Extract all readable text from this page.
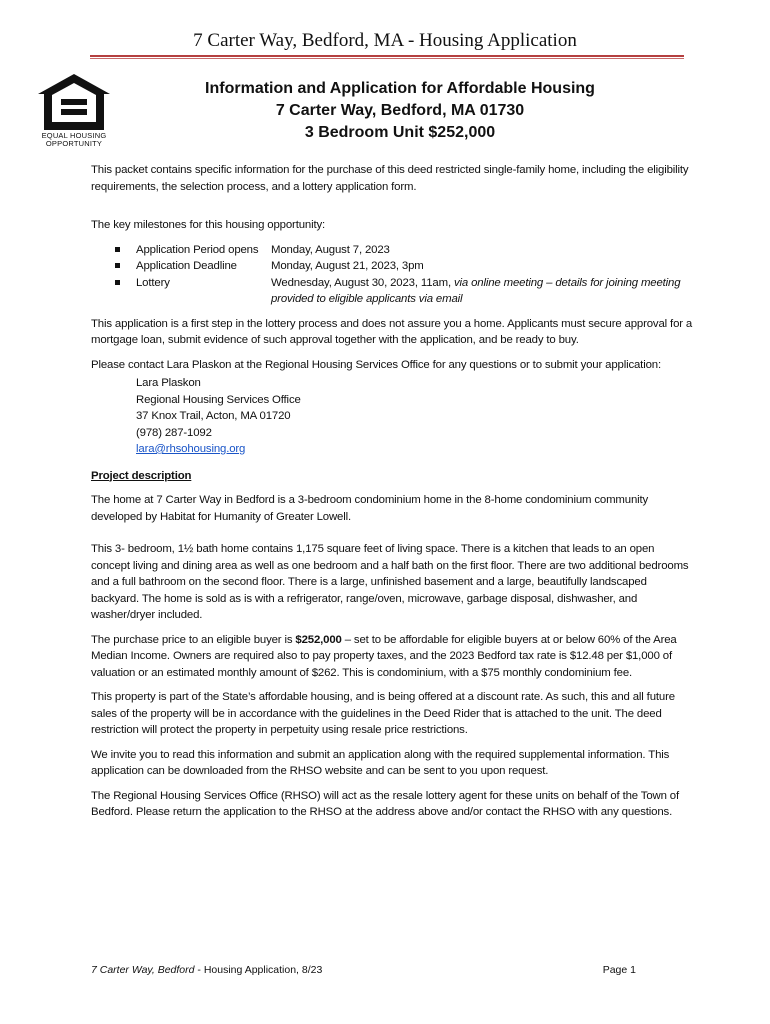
7 Carter Way, Bedford, MA - Housing Application
EQUAL HOUSING
OPPORTUNITY
Information and Application for Affordable Housing
7 Carter Way, Bedford, MA 01730
3 Bedroom Unit $252,000

This packet contains specific information for the purchase of this deed restricted single-family home, including the eligibility requirements, the selection process, and a lottery application form.

The key milestones for this housing opportunity:

Application Period opens	Monday, August 7, 2023
Application Deadline	Monday, August 21, 2023, 3pm
Lottery	Wednesday, August 30, 2023, 11am, via online meeting – details for joining meeting provided to eligible applicants via email

This application is a first step in the lottery process and does not assure you a home. Applicants must secure approval for a mortgage loan, submit evidence of such approval together with the application, and be ready to buy.

Please contact Lara Plaskon at the Regional Housing Services Office for any questions or to submit your application:

Lara Plaskon
Regional Housing Services Office
37 Knox Trail, Acton, MA 01720
(978) 287-1092
lara@rhsohousing.org

Project description

The home at 7 Carter Way in Bedford is a 3-bedroom condominium home in the 8-home condominium community developed by Habitat for Humanity of Greater Lowell.

This 3- bedroom, 1½ bath home contains 1,175 square feet of living space. There is a kitchen that leads to an open concept living and dining area as well as one bedroom and a half bath on the first floor. There are two additional bedrooms and a full bathroom on the second floor. There is a large, unfinished basement and a large, beautifully landscaped backyard. The home is sold as is with a refrigerator, range/oven, microwave, garbage disposal, dishwasher, and washer/dryer included.

The purchase price to an eligible buyer is $252,000 – set to be affordable for eligible buyers at or below 60% of the Area Median Income. Owners are required also to pay property taxes, and the 2023 Bedford tax rate is $12.48 per $1,000 of valuation or an estimated monthly amount of $262. This is condominium, with a $75 monthly condominium fee.

This property is part of the State’s affordable housing, and is being offered at a discount rate. As such, this and all future sales of the property will be in accordance with the guidelines in the Deed Rider that is attached to the unit. The deed restriction will protect the property in perpetuity using resale price restrictions.

We invite you to read this information and submit an application along with the required supplemental information. This application can be downloaded from the RHSO website and can be sent to you upon request.

The Regional Housing Services Office (RHSO) will act as the resale lottery agent for these units on behalf of the Town of Bedford. Please return the application to the RHSO at the address above and/or contact the RHSO with any questions.

7 Carter Way, Bedford - Housing Application, 8/23	Page 1
